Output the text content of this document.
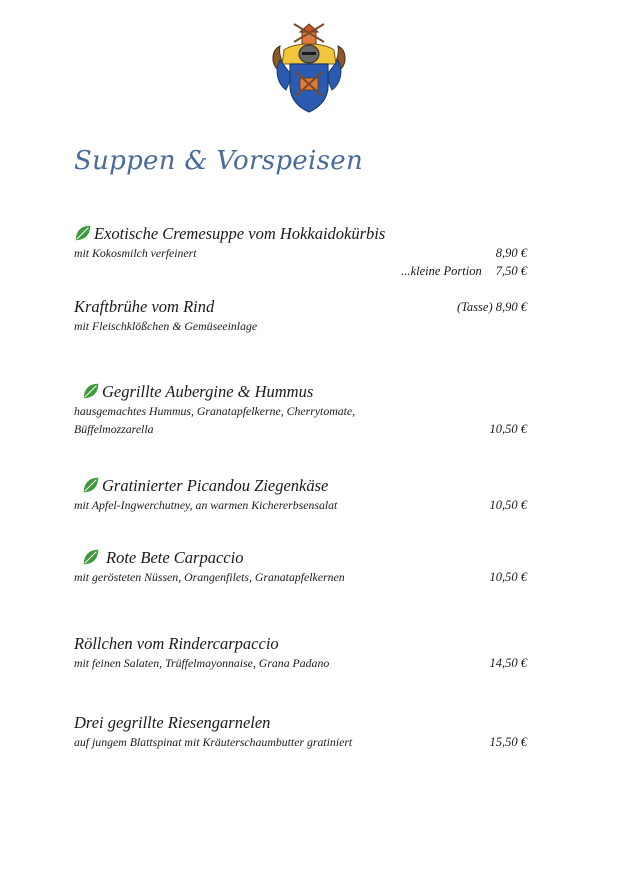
Suppen & Vorspeisen
Exotische Cremesuppe vom Hokkaidokürbis
mit Kokosmilch verfeinert	8,90 €
...kleine Portion 7,50 €
Kraftbrühe vom Rind
mit Fleischklößchen & Gemüseeinlage
(Tasse) 8,90 €
Gegrillte Aubergine & Hummus
hausgemachtes Hummus, Granatapfelkerne, Cherrytomate,
Büffelmozzarella	10,50 €
Gratinierter Picandou Ziegenkäse
mit Apfel-Ingwerchutney, an warmen Kichererbsensalat	10,50 €
Rote Bete Carpaccio
mit gerösteten Nüssen, Orangenfilets, Granatapfelkernen	10,50 €
Röllchen vom Rindercarpaccio
mit feinen Salaten, Trüffelmayonnaise, Grana Padano	14,50 €
Drei gegrillte Riesengarnelen
auf jungem Blattspinat mit Kräuterschaumbutter gratiniert	15,50 €
